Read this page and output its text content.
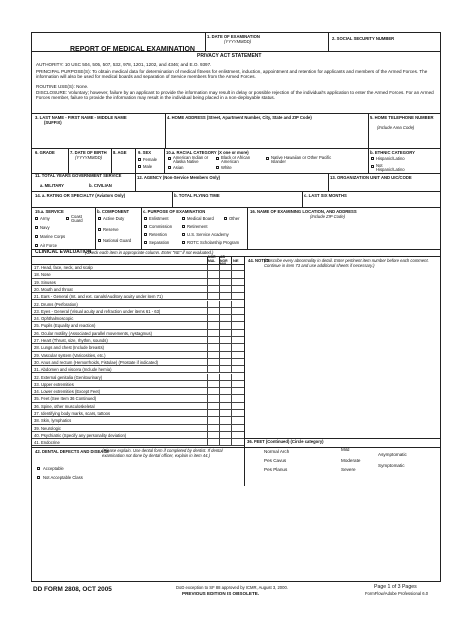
REPORT OF MEDICAL EXAMINATION
1. DATE OF EXAMINATION
(YYYYMMDD)
2. SOCIAL SECURITY NUMBER
PRIVACY ACT STATEMENT
AUTHORITY: 10 USC 504, 505, 507, 532, 978, 1201, 1202, and 4346; and E.O. 9397.
PRINCIPAL PURPOSE(S): To obtain medical data for determination of medical fitness for enlistment, induction, appointment and retention for applicants and members of the Armed Forces. The information will also be used for medical boards and separation of Service members from the Armed Forces.
ROUTINE USE(S): None.
DISCLOSURE: Voluntary; however, failure by an applicant to provide the information may result in delay or possible rejection of the individual's application to enter the Armed Forces. For an Armed Forces member, failure to provide the information may result in the individual being placed in a non-deployable status.
3. LAST NAME - FIRST NAME - MIDDLE NAME
(SUFFIX)
4. HOME ADDRESS (Street, Apartment Number, City, State and ZIP Code)	5. HOME TELEPHONE NUMBER
(Include Area Code)
6. GRADE	7. DATE OF BIRTH
(YYYYMMDD)
8. AGE	9. SEX
Female
Male
10.a. RACIAL CATEGORY (X one or more)
American Indian or Alaska Native
Asian
Black or African American
White
Native Hawaiian or Other Pacific Islander
b. ETHNIC CATEGORY
Hispanic/Latino
Not Hispanic/Latino
11. TOTAL YEARS GOVERNMENT SERVICE
a. MILITARY	b. CIVILIAN
12. AGENCY (Non-Service Members Only)	13. ORGANIZATION UNIT AND UIC/CODE
14. a. RATING OR SPECIALTY (Aviators Only)	b. TOTAL FLYING TIME	c. LAST SIX MONTHS
15.a. SERVICE
Army	Coast Guard
Navy
Marine Corps
Air Force
b. COMPONENT
Active Duty
Reserve
National Guard
c. PURPOSE OF EXAMINATION
Enlistment
Commission
Retention
Separation
Medical Board	Other
Retirement
U.S. Service Academy
ROTC Scholarship Program
16. NAME OF EXAMINING LOCATION, AND ADDRESS
(Include ZIP Code)
CLINICAL EVALUATION
(Check each item in appropriate column. Enter "NE" if not evaluated.)
NOR MAL
AB NOR MAL
NE
17. Head, face, neck, and scalp
18. Nose
19. Sinuses
20. Mouth and throat
21. Ears - General (Int. and ext. canals/Auditory acuity under item 71)
22. Drums (Perforation)
23. Eyes - General (Visual acuity and refraction under items 61 - 63)
24. Ophthalmoscopic
25. Pupils (Equality and reaction)
26. Ocular motility (Associated parallel movements, nystagmus)
27. Heart (Thrust, size, rhythm, sounds)
28. Lungs and chest (Include breasts)
29. Vascular system (Varicosities, etc.)
30. Anus and rectum (Hemorrhoids, Fistulae) (Prostate if indicated)
31. Abdomen and viscera (Include hernia)
32. External genitalia (Genitourinary)
33. Upper extremities
34. Lower extremities (Except Feet)
35. Feet (See Item 36 Continued)
36. Spine, other musculoskeletal
37. Identifying body marks, scars, tattoos
38. Skin, lymphatics
39. Neurologic
40. Psychiatric (Specify any personality deviation)
41. Endocrine
44. NOTES:
(Describe every abnormality in detail. Enter pertinent item number before each comment. Continue in item 73 and use additional sheets if necessary.)
42. DENTAL DEFECTS AND DISEASE
(Please explain. Use dental form if completed by dentist. If dental examination not done by dental officer, explain in item 44.)
Acceptable
Not Acceptable Class
36. FEET (Continued) (Circle category)
Normal Arch
Pes Cavus
Pes Planus
Mild
Moderate
Severe
Asymptomatic
Symptomatic
DD FORM 2808, OCT 2005	DoD exception to SF 88 approved by ICMR, August 3, 2000.
PREVIOUS EDITION IS OBSOLETE.
Page 1 of 3 Pages
FormFlow/Adobe Professional 6.0
